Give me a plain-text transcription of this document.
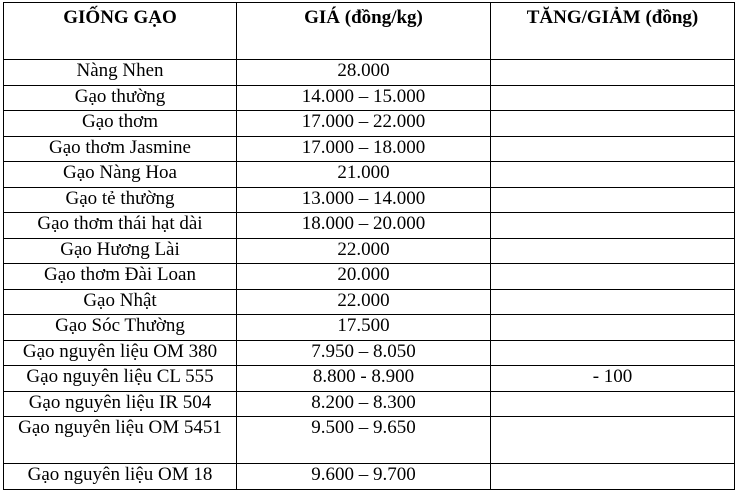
GIỐNG GẠO	GIÁ (đồng/kg)	TĂNG/GIẢM (đồng)
Nàng Nhen	28.000	
Gạo thường	14.000 – 15.000	
Gạo thơm	17.000 – 22.000	
Gạo thơm Jasmine	17.000 – 18.000	
Gạo Nàng Hoa	21.000	
Gạo tẻ thường	13.000 – 14.000	
Gạo thơm thái hạt dài	18.000 – 20.000	
Gạo Hương Lài	22.000	
Gạo thơm Đài Loan	20.000	
Gạo Nhật	22.000	
Gạo Sóc Thường	17.500	
Gạo nguyên liệu OM 380	7.950 – 8.050	
Gạo nguyên liệu CL 555	8.800 - 8.900	- 100
Gạo nguyên liệu IR 504	8.200 – 8.300	
Gạo nguyên liệu OM 5451	9.500 – 9.650	
Gạo nguyên liệu OM 18	9.600 – 9.700	
